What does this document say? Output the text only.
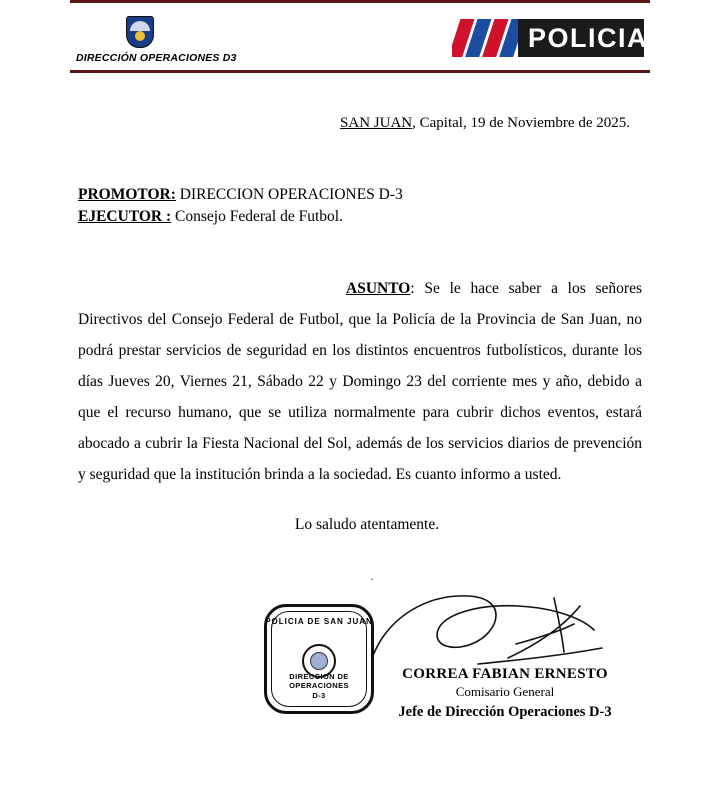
DIRECCIÓN OPERACIONES D3
POLICIA
SAN JUAN, Capital, 19 de Noviembre de 2025.
PROMOTOR: DIRECCION OPERACIONES D-3
EJECUTOR : Consejo Federal de Futbol.
ASUNTO: Se le hace saber a los señores Directivos del Consejo Federal de Futbol, que la Policía de la Provincia de San Juan, no podrá prestar servicios de seguridad en los distintos encuentros futbolísticos, durante los días Jueves 20, Viernes 21, Sábado 22 y Domingo 23 del corriente mes y año, debido a que el recurso humano, que se utiliza normalmente para cubrir dichos eventos, estará abocado a cubrir la Fiesta Nacional del Sol, además de los servicios diarios de prevención y seguridad que la institución brinda a la sociedad. Es cuanto informo a usted.
Lo saludo atentamente.
.
POLICIA DE SAN JUAN
DIRECCION DE
OPERACIONES
D-3
CORREA FABIAN ERNESTO
Comisario General
Jefe de Dirección Operaciones D-3
